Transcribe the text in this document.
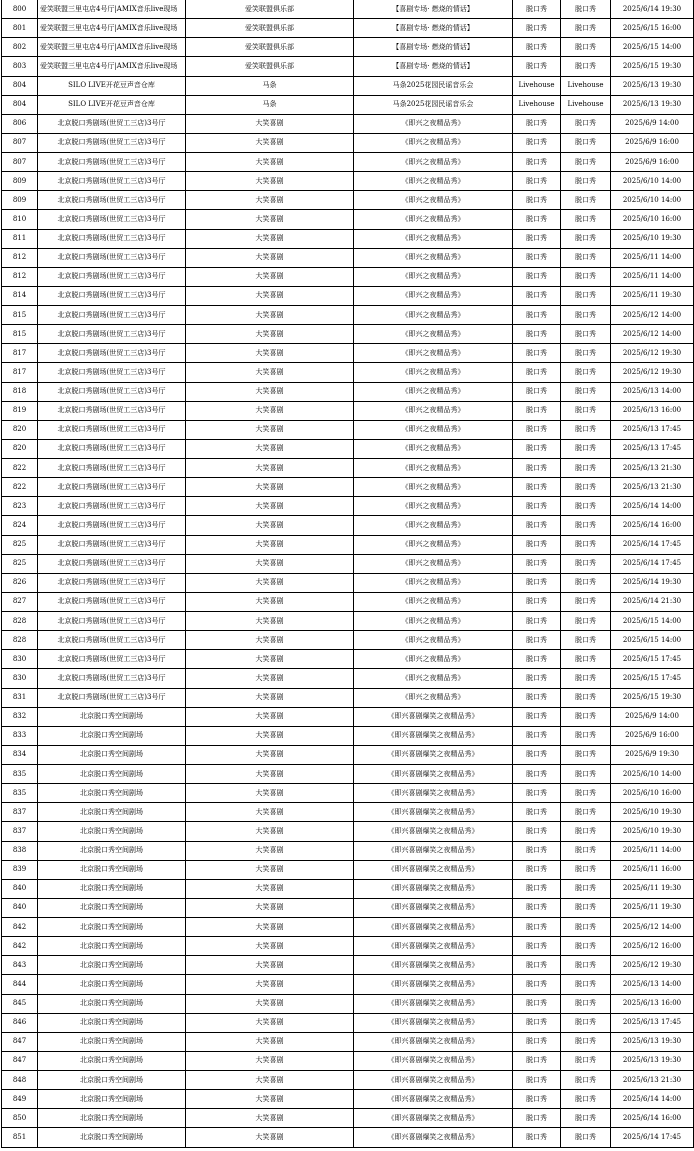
800	爱笑联盟三里屯店4号厅|AMIX音乐live现场	爱笑联盟俱乐部	【喜剧专场· 燃烧的情话】	脱口秀	脱口秀	2025/6/14 19:30
801	爱笑联盟三里屯店4号厅|AMIX音乐live现场	爱笑联盟俱乐部	【喜剧专场· 燃烧的情话】	脱口秀	脱口秀	2025/6/15 16:00
802	爱笑联盟三里屯店4号厅|AMIX音乐live现场	爱笑联盟俱乐部	【喜剧专场· 燃烧的情话】	脱口秀	脱口秀	2025/6/15 14:00
803	爱笑联盟三里屯店4号厅|AMIX音乐live现场	爱笑联盟俱乐部	【喜剧专场· 燃烧的情话】	脱口秀	脱口秀	2025/6/15 19:30
804	SILO LIVE开花豆声音仓库	马条	马条2025花园民谣音乐会	Livehouse	Livehouse	2025/6/13 19:30
804	SILO LIVE开花豆声音仓库	马条	马条2025花园民谣音乐会	Livehouse	Livehouse	2025/6/13 19:30
806	北京脱口秀剧场(世贸工三店)3号厅	大笑喜剧	《即兴之夜精品秀》	脱口秀	脱口秀	2025/6/9 14:00
807	北京脱口秀剧场(世贸工三店)3号厅	大笑喜剧	《即兴之夜精品秀》	脱口秀	脱口秀	2025/6/9 16:00
807	北京脱口秀剧场(世贸工三店)3号厅	大笑喜剧	《即兴之夜精品秀》	脱口秀	脱口秀	2025/6/9 16:00
809	北京脱口秀剧场(世贸工三店)3号厅	大笑喜剧	《即兴之夜精品秀》	脱口秀	脱口秀	2025/6/10 14:00
809	北京脱口秀剧场(世贸工三店)3号厅	大笑喜剧	《即兴之夜精品秀》	脱口秀	脱口秀	2025/6/10 14:00
810	北京脱口秀剧场(世贸工三店)3号厅	大笑喜剧	《即兴之夜精品秀》	脱口秀	脱口秀	2025/6/10 16:00
811	北京脱口秀剧场(世贸工三店)3号厅	大笑喜剧	《即兴之夜精品秀》	脱口秀	脱口秀	2025/6/10 19:30
812	北京脱口秀剧场(世贸工三店)3号厅	大笑喜剧	《即兴之夜精品秀》	脱口秀	脱口秀	2025/6/11 14:00
812	北京脱口秀剧场(世贸工三店)3号厅	大笑喜剧	《即兴之夜精品秀》	脱口秀	脱口秀	2025/6/11 14:00
814	北京脱口秀剧场(世贸工三店)3号厅	大笑喜剧	《即兴之夜精品秀》	脱口秀	脱口秀	2025/6/11 19:30
815	北京脱口秀剧场(世贸工三店)3号厅	大笑喜剧	《即兴之夜精品秀》	脱口秀	脱口秀	2025/6/12 14:00
815	北京脱口秀剧场(世贸工三店)3号厅	大笑喜剧	《即兴之夜精品秀》	脱口秀	脱口秀	2025/6/12 14:00
817	北京脱口秀剧场(世贸工三店)3号厅	大笑喜剧	《即兴之夜精品秀》	脱口秀	脱口秀	2025/6/12 19:30
817	北京脱口秀剧场(世贸工三店)3号厅	大笑喜剧	《即兴之夜精品秀》	脱口秀	脱口秀	2025/6/12 19:30
818	北京脱口秀剧场(世贸工三店)3号厅	大笑喜剧	《即兴之夜精品秀》	脱口秀	脱口秀	2025/6/13 14:00
819	北京脱口秀剧场(世贸工三店)3号厅	大笑喜剧	《即兴之夜精品秀》	脱口秀	脱口秀	2025/6/13 16:00
820	北京脱口秀剧场(世贸工三店)3号厅	大笑喜剧	《即兴之夜精品秀》	脱口秀	脱口秀	2025/6/13 17:45
820	北京脱口秀剧场(世贸工三店)3号厅	大笑喜剧	《即兴之夜精品秀》	脱口秀	脱口秀	2025/6/13 17:45
822	北京脱口秀剧场(世贸工三店)3号厅	大笑喜剧	《即兴之夜精品秀》	脱口秀	脱口秀	2025/6/13 21:30
822	北京脱口秀剧场(世贸工三店)3号厅	大笑喜剧	《即兴之夜精品秀》	脱口秀	脱口秀	2025/6/13 21:30
823	北京脱口秀剧场(世贸工三店)3号厅	大笑喜剧	《即兴之夜精品秀》	脱口秀	脱口秀	2025/6/14 14:00
824	北京脱口秀剧场(世贸工三店)3号厅	大笑喜剧	《即兴之夜精品秀》	脱口秀	脱口秀	2025/6/14 16:00
825	北京脱口秀剧场(世贸工三店)3号厅	大笑喜剧	《即兴之夜精品秀》	脱口秀	脱口秀	2025/6/14 17:45
825	北京脱口秀剧场(世贸工三店)3号厅	大笑喜剧	《即兴之夜精品秀》	脱口秀	脱口秀	2025/6/14 17:45
826	北京脱口秀剧场(世贸工三店)3号厅	大笑喜剧	《即兴之夜精品秀》	脱口秀	脱口秀	2025/6/14 19:30
827	北京脱口秀剧场(世贸工三店)3号厅	大笑喜剧	《即兴之夜精品秀》	脱口秀	脱口秀	2025/6/14 21:30
828	北京脱口秀剧场(世贸工三店)3号厅	大笑喜剧	《即兴之夜精品秀》	脱口秀	脱口秀	2025/6/15 14:00
828	北京脱口秀剧场(世贸工三店)3号厅	大笑喜剧	《即兴之夜精品秀》	脱口秀	脱口秀	2025/6/15 14:00
830	北京脱口秀剧场(世贸工三店)3号厅	大笑喜剧	《即兴之夜精品秀》	脱口秀	脱口秀	2025/6/15 17:45
830	北京脱口秀剧场(世贸工三店)3号厅	大笑喜剧	《即兴之夜精品秀》	脱口秀	脱口秀	2025/6/15 17:45
831	北京脱口秀剧场(世贸工三店)3号厅	大笑喜剧	《即兴之夜精品秀》	脱口秀	脱口秀	2025/6/15 19:30
832	北京脱口秀空间剧场	大笑喜剧	《即兴喜剧爆笑之夜精品秀》	脱口秀	脱口秀	2025/6/9 14:00
833	北京脱口秀空间剧场	大笑喜剧	《即兴喜剧爆笑之夜精品秀》	脱口秀	脱口秀	2025/6/9 16:00
834	北京脱口秀空间剧场	大笑喜剧	《即兴喜剧爆笑之夜精品秀》	脱口秀	脱口秀	2025/6/9 19:30
835	北京脱口秀空间剧场	大笑喜剧	《即兴喜剧爆笑之夜精品秀》	脱口秀	脱口秀	2025/6/10 14:00
835	北京脱口秀空间剧场	大笑喜剧	《即兴喜剧爆笑之夜精品秀》	脱口秀	脱口秀	2025/6/10 16:00
837	北京脱口秀空间剧场	大笑喜剧	《即兴喜剧爆笑之夜精品秀》	脱口秀	脱口秀	2025/6/10 19:30
837	北京脱口秀空间剧场	大笑喜剧	《即兴喜剧爆笑之夜精品秀》	脱口秀	脱口秀	2025/6/10 19:30
838	北京脱口秀空间剧场	大笑喜剧	《即兴喜剧爆笑之夜精品秀》	脱口秀	脱口秀	2025/6/11 14:00
839	北京脱口秀空间剧场	大笑喜剧	《即兴喜剧爆笑之夜精品秀》	脱口秀	脱口秀	2025/6/11 16:00
840	北京脱口秀空间剧场	大笑喜剧	《即兴喜剧爆笑之夜精品秀》	脱口秀	脱口秀	2025/6/11 19:30
840	北京脱口秀空间剧场	大笑喜剧	《即兴喜剧爆笑之夜精品秀》	脱口秀	脱口秀	2025/6/11 19:30
842	北京脱口秀空间剧场	大笑喜剧	《即兴喜剧爆笑之夜精品秀》	脱口秀	脱口秀	2025/6/12 14:00
842	北京脱口秀空间剧场	大笑喜剧	《即兴喜剧爆笑之夜精品秀》	脱口秀	脱口秀	2025/6/12 16:00
843	北京脱口秀空间剧场	大笑喜剧	《即兴喜剧爆笑之夜精品秀》	脱口秀	脱口秀	2025/6/12 19:30
844	北京脱口秀空间剧场	大笑喜剧	《即兴喜剧爆笑之夜精品秀》	脱口秀	脱口秀	2025/6/13 14:00
845	北京脱口秀空间剧场	大笑喜剧	《即兴喜剧爆笑之夜精品秀》	脱口秀	脱口秀	2025/6/13 16:00
846	北京脱口秀空间剧场	大笑喜剧	《即兴喜剧爆笑之夜精品秀》	脱口秀	脱口秀	2025/6/13 17:45
847	北京脱口秀空间剧场	大笑喜剧	《即兴喜剧爆笑之夜精品秀》	脱口秀	脱口秀	2025/6/13 19:30
847	北京脱口秀空间剧场	大笑喜剧	《即兴喜剧爆笑之夜精品秀》	脱口秀	脱口秀	2025/6/13 19:30
848	北京脱口秀空间剧场	大笑喜剧	《即兴喜剧爆笑之夜精品秀》	脱口秀	脱口秀	2025/6/13 21:30
849	北京脱口秀空间剧场	大笑喜剧	《即兴喜剧爆笑之夜精品秀》	脱口秀	脱口秀	2025/6/14 14:00
850	北京脱口秀空间剧场	大笑喜剧	《即兴喜剧爆笑之夜精品秀》	脱口秀	脱口秀	2025/6/14 16:00
851	北京脱口秀空间剧场	大笑喜剧	《即兴喜剧爆笑之夜精品秀》	脱口秀	脱口秀	2025/6/14 17:45
